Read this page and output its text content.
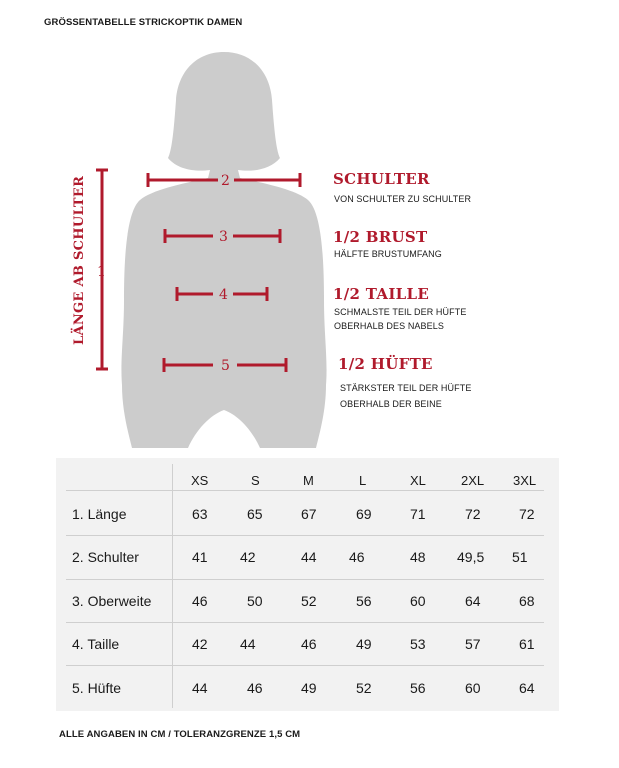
GRÖSSENTABELLE STRICKOPTIK DAMEN
LÄNGE AB SCHULTER 1
2
3
4
5
SCHULTER
VON SCHULTER ZU SCHULTER
1/2 BRUST
HÄLFTE BRUSTUMFANG
1/2 TAILLE
SCHMALSTE TEIL DER HÜFTE
OBERHALB DES NABELS
1/2 HÜFTE
STÄRKSTER TEIL DER HÜFTE
OBERHALB DER BEINE
XS	S	M	L	XL	2XL 3XL
1. Länge	63	65	67	69	71	72	72
2. Schulter	41 42	44 46	48 49,5 51
3. Oberweite	46	50	52	56	60	64	68
4. Taille	42 44	46	49	53	57	61
5. Hüfte	44	46	49	52	56	60	64
ALLE ANGABEN IN CM / TOLERANZGRENZE 1,5 CM
